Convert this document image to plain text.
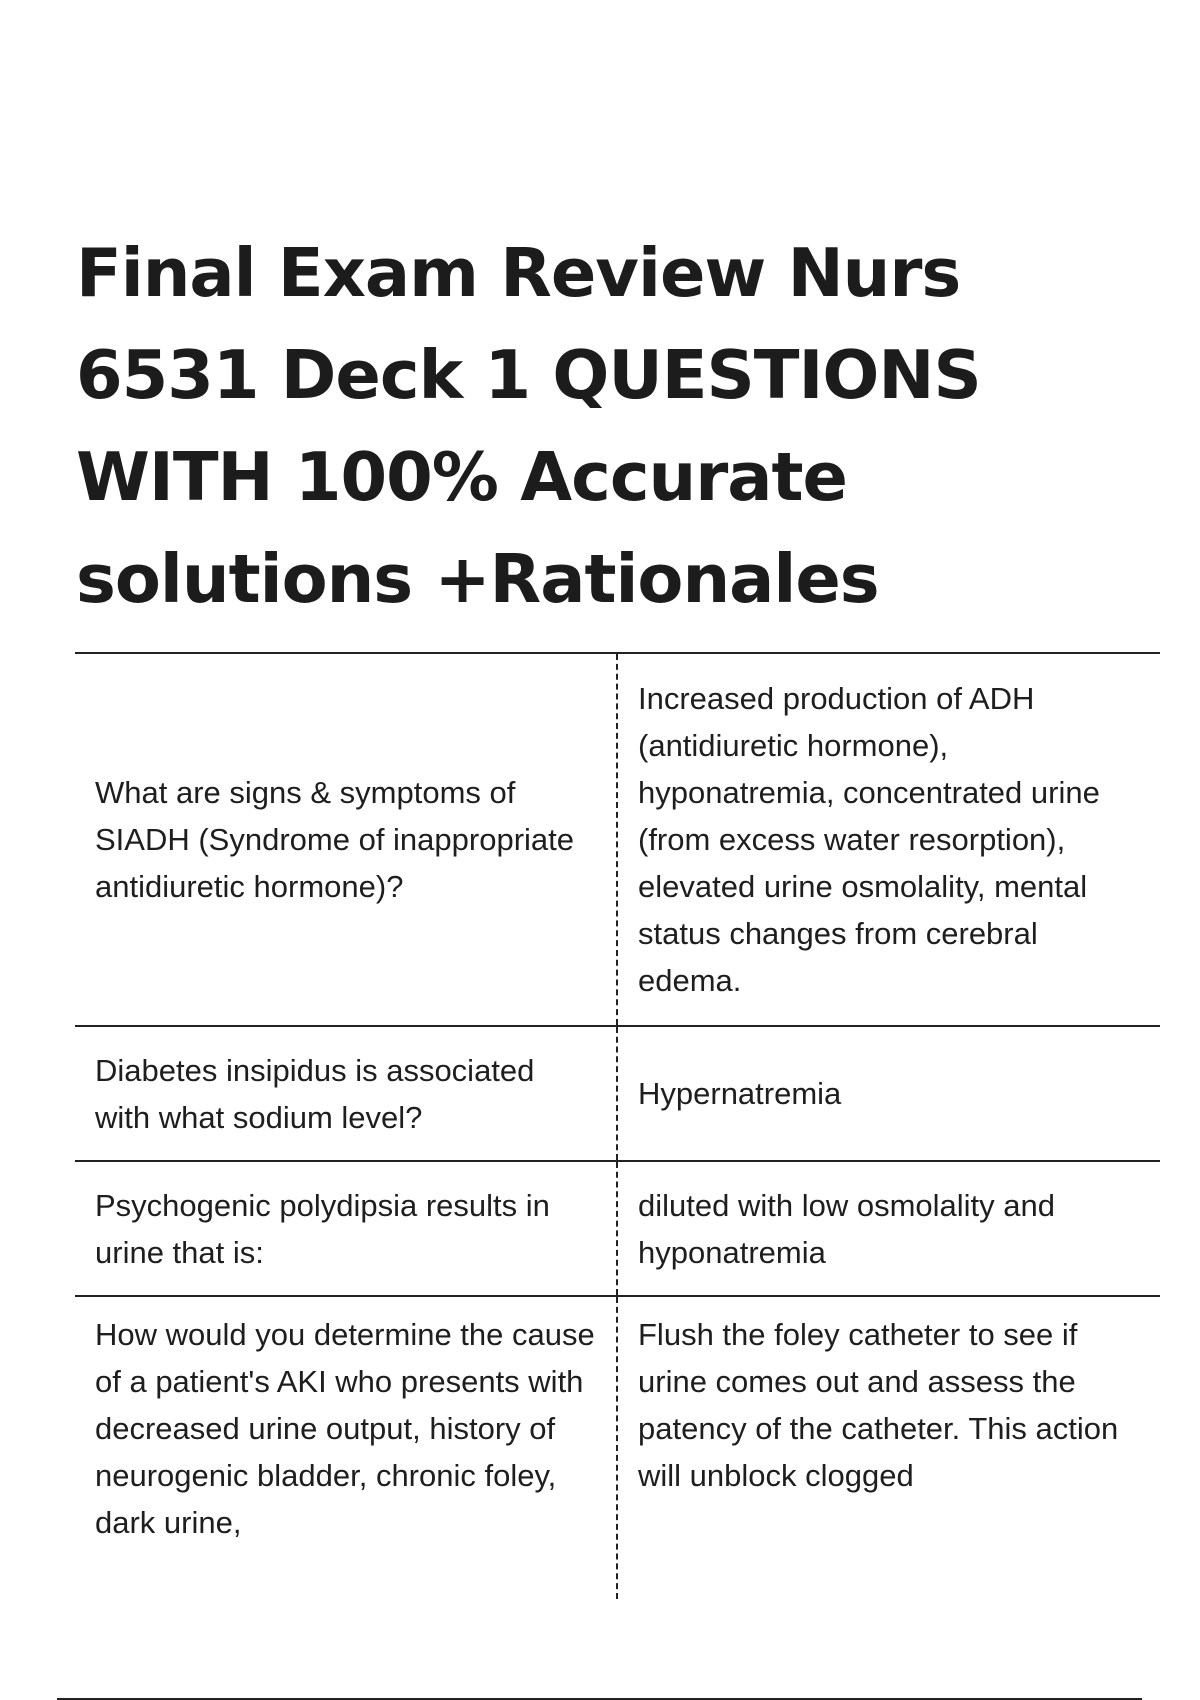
Final Exam Review Nurs 6531 Deck 1 QUESTIONS WITH 100% Accurate solutions +Rationales
What are signs & symptoms of SIADH (Syndrome of inappropriate antidiuretic hormone)?
Increased production of ADH (antidiuretic hormone), hyponatremia, concentrated urine (from excess water resorption), elevated urine osmolality, mental status changes from cerebral edema.
Diabetes insipidus is associated with what sodium level?
Hypernatremia
Psychogenic polydipsia results in urine that is:
diluted with low osmolality and hyponatremia
How would you determine the cause of a patient's AKI who presents with decreased urine output, history of neurogenic bladder, chronic foley, dark urine,
Flush the foley catheter to see if urine comes out and assess the patency of the catheter. This action will unblock clogged
